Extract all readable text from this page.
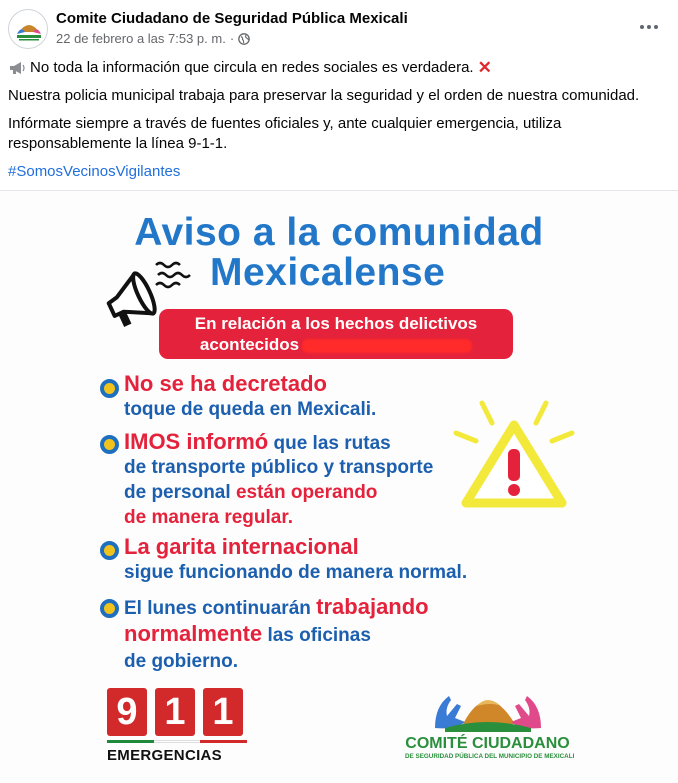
Comite Ciudadano de Seguridad Pública Mexicali
22 de febrero a las 7:53 p. m. ·

No toda la información que circula en redes sociales es verdadera. ✕

Nuestra policia municipal trabaja para preservar la seguridad y el orden de nuestra comunidad.

Infórmate siempre a través de fuentes oficiales y, ante cualquier emergencia, utiliza responsablemente la línea 9-1-1.

#SomosVecinosVigilantes

Aviso a la comunidad
Mexicalense
En relación a los hechos delictivos
acontecidos
No se ha decretado
toque de queda en Mexicali.
IMOS informó que las rutas
de transporte público y transporte
de personal están operando
de manera regular.
La garita internacional
sigue funcionando de manera normal.
El lunes continuarán trabajando
normalmente las oficinas
de gobierno.
9 1 1
EMERGENCIAS
COMITÉ CIUDADANO
DE SEGURIDAD PÚBLICA DEL MUNICIPIO DE MEXICALI
